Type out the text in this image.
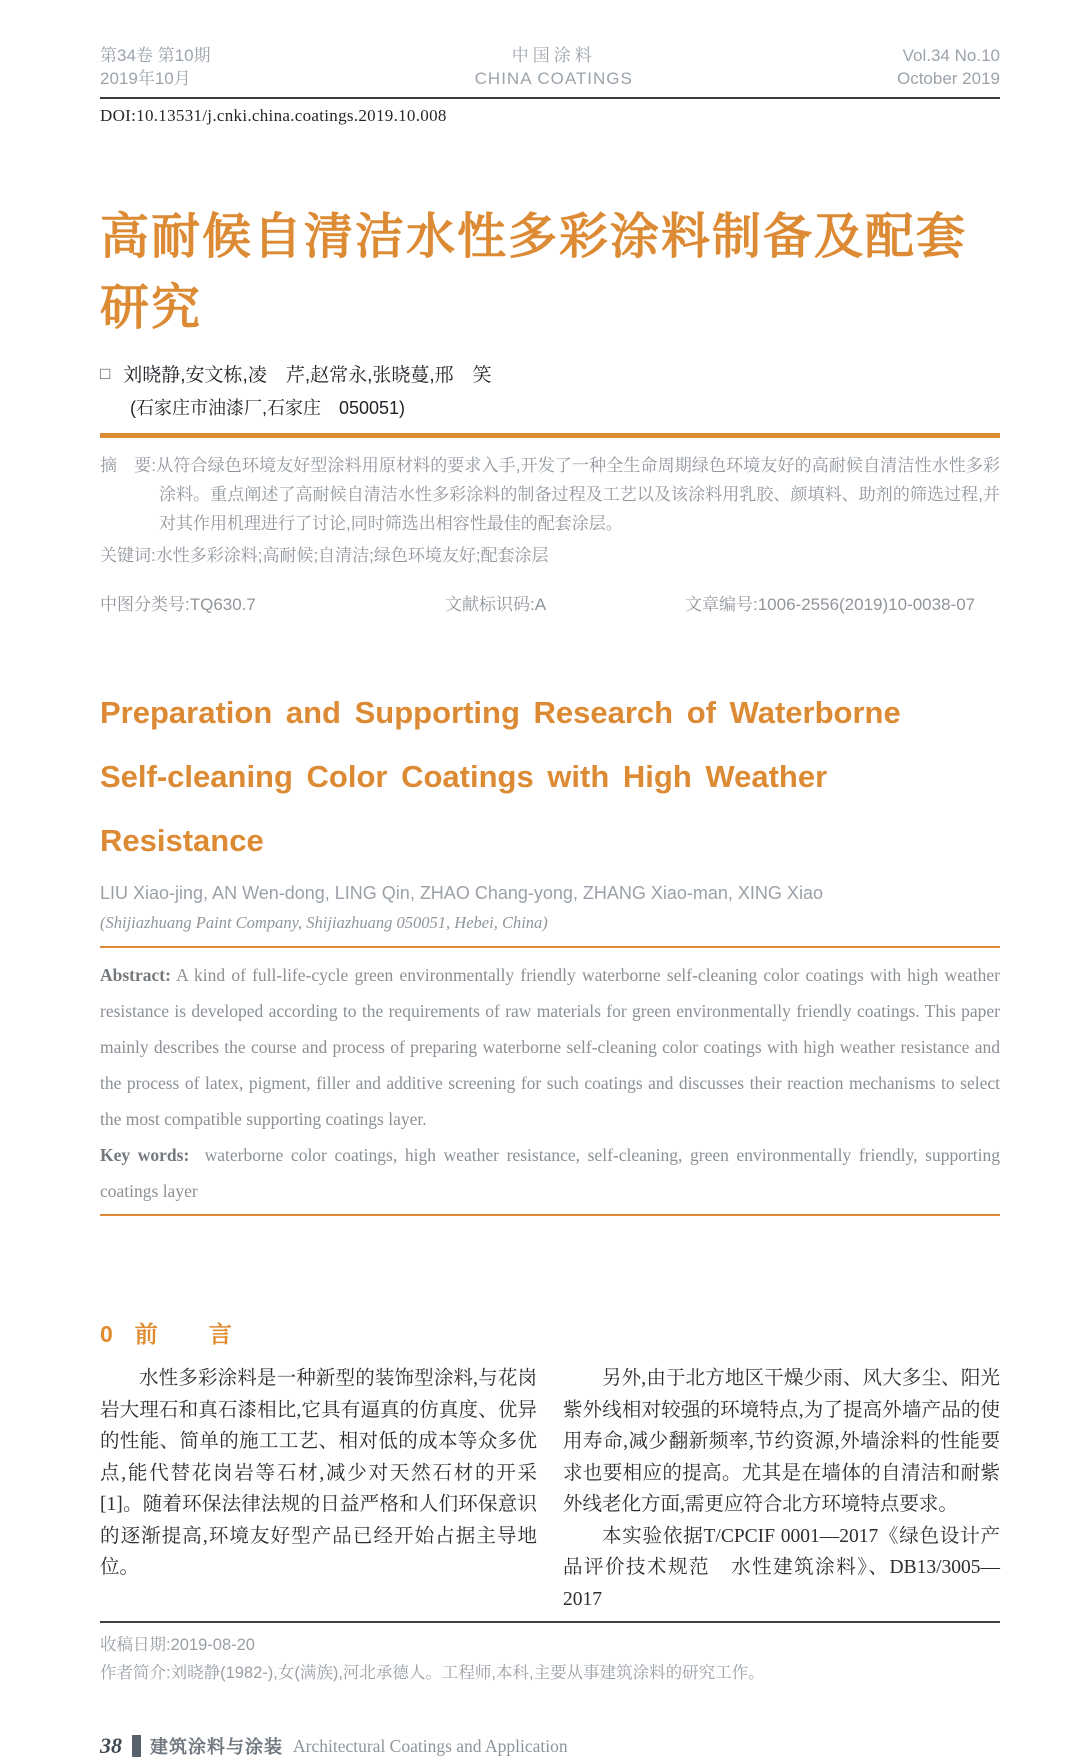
第34卷 第10期
2019年10月
中国涂料
CHINA COATINGS
Vol.34 No.10
October 2019
DOI:10.13531/j.cnki.china.coatings.2019.10.008
高耐候自清洁水性多彩涂料制备及配套
研究
□ 刘晓静,安文栋,凌　芹,赵常永,张晓蔓,邢　笑
(石家庄市油漆厂,石家庄　050051)
摘　要:从符合绿色环境友好型涂料用原材料的要求入手,开发了一种全生命周期绿色环境友好的高耐候自清洁性水性多彩涂料。重点阐述了高耐候自清洁水性多彩涂料的制备过程及工艺以及该涂料用乳胶、颜填料、助剂的筛选过程,并对其作用机理进行了讨论,同时筛选出相容性最佳的配套涂层。
关键词:水性多彩涂料;高耐候;自清洁;绿色环境友好;配套涂层
中图分类号:TQ630.7	文献标识码:A	文章编号:1006-2556(2019)10-0038-07
Preparation and Supporting Research of Waterborne
Self-cleaning Color Coatings with High Weather Resistance
LIU Xiao-jing, AN Wen-dong, LING Qin, ZHAO Chang-yong, ZHANG Xiao-man, XING Xiao
(Shijiazhuang Paint Company, Shijiazhuang 050051, Hebei, China)
Abstract: A kind of full-life-cycle green environmentally friendly waterborne self-cleaning color coatings with high weather resistance is developed according to the requirements of raw materials for green environmentally friendly coatings. This paper mainly describes the course and process of preparing waterborne self-cleaning color coatings with high weather resistance and the process of latex, pigment, filler and additive screening for such coatings and discusses their reaction mechanisms to select the most compatible supporting coatings layer.
Key words: waterborne color coatings, high weather resistance, self-cleaning, green environmentally friendly, supporting coatings layer
0 前　言

水性多彩涂料是一种新型的装饰型涂料,与花岗岩大理石和真石漆相比,它具有逼真的仿真度、优异的性能、简单的施工工艺、相对低的成本等众多优点,能代替花岗岩等石材,减少对天然石材的开采[1]。随着环保法律法规的日益严格和人们环保意识的逐渐提高,环境友好型产品已经开始占据主导地位。

另外,由于北方地区干燥少雨、风大多尘、阳光紫外线相对较强的环境特点,为了提高外墙产品的使用寿命,减少翻新频率,节约资源,外墙涂料的性能要求也要相应的提高。尤其是在墙体的自清洁和耐紫外线老化方面,需更应符合北方环境特点要求。

本实验依据T/CPCIF 0001—2017《绿色设计产品评价技术规范　水性建筑涂料》、DB13/3005—2017

收稿日期:2019-08-20
作者简介:刘晓静(1982-),女(满族),河北承德人。工程师,本科,主要从事建筑涂料的研究工作。
38 建筑涂料与涂装 Architectural Coatings and Application
